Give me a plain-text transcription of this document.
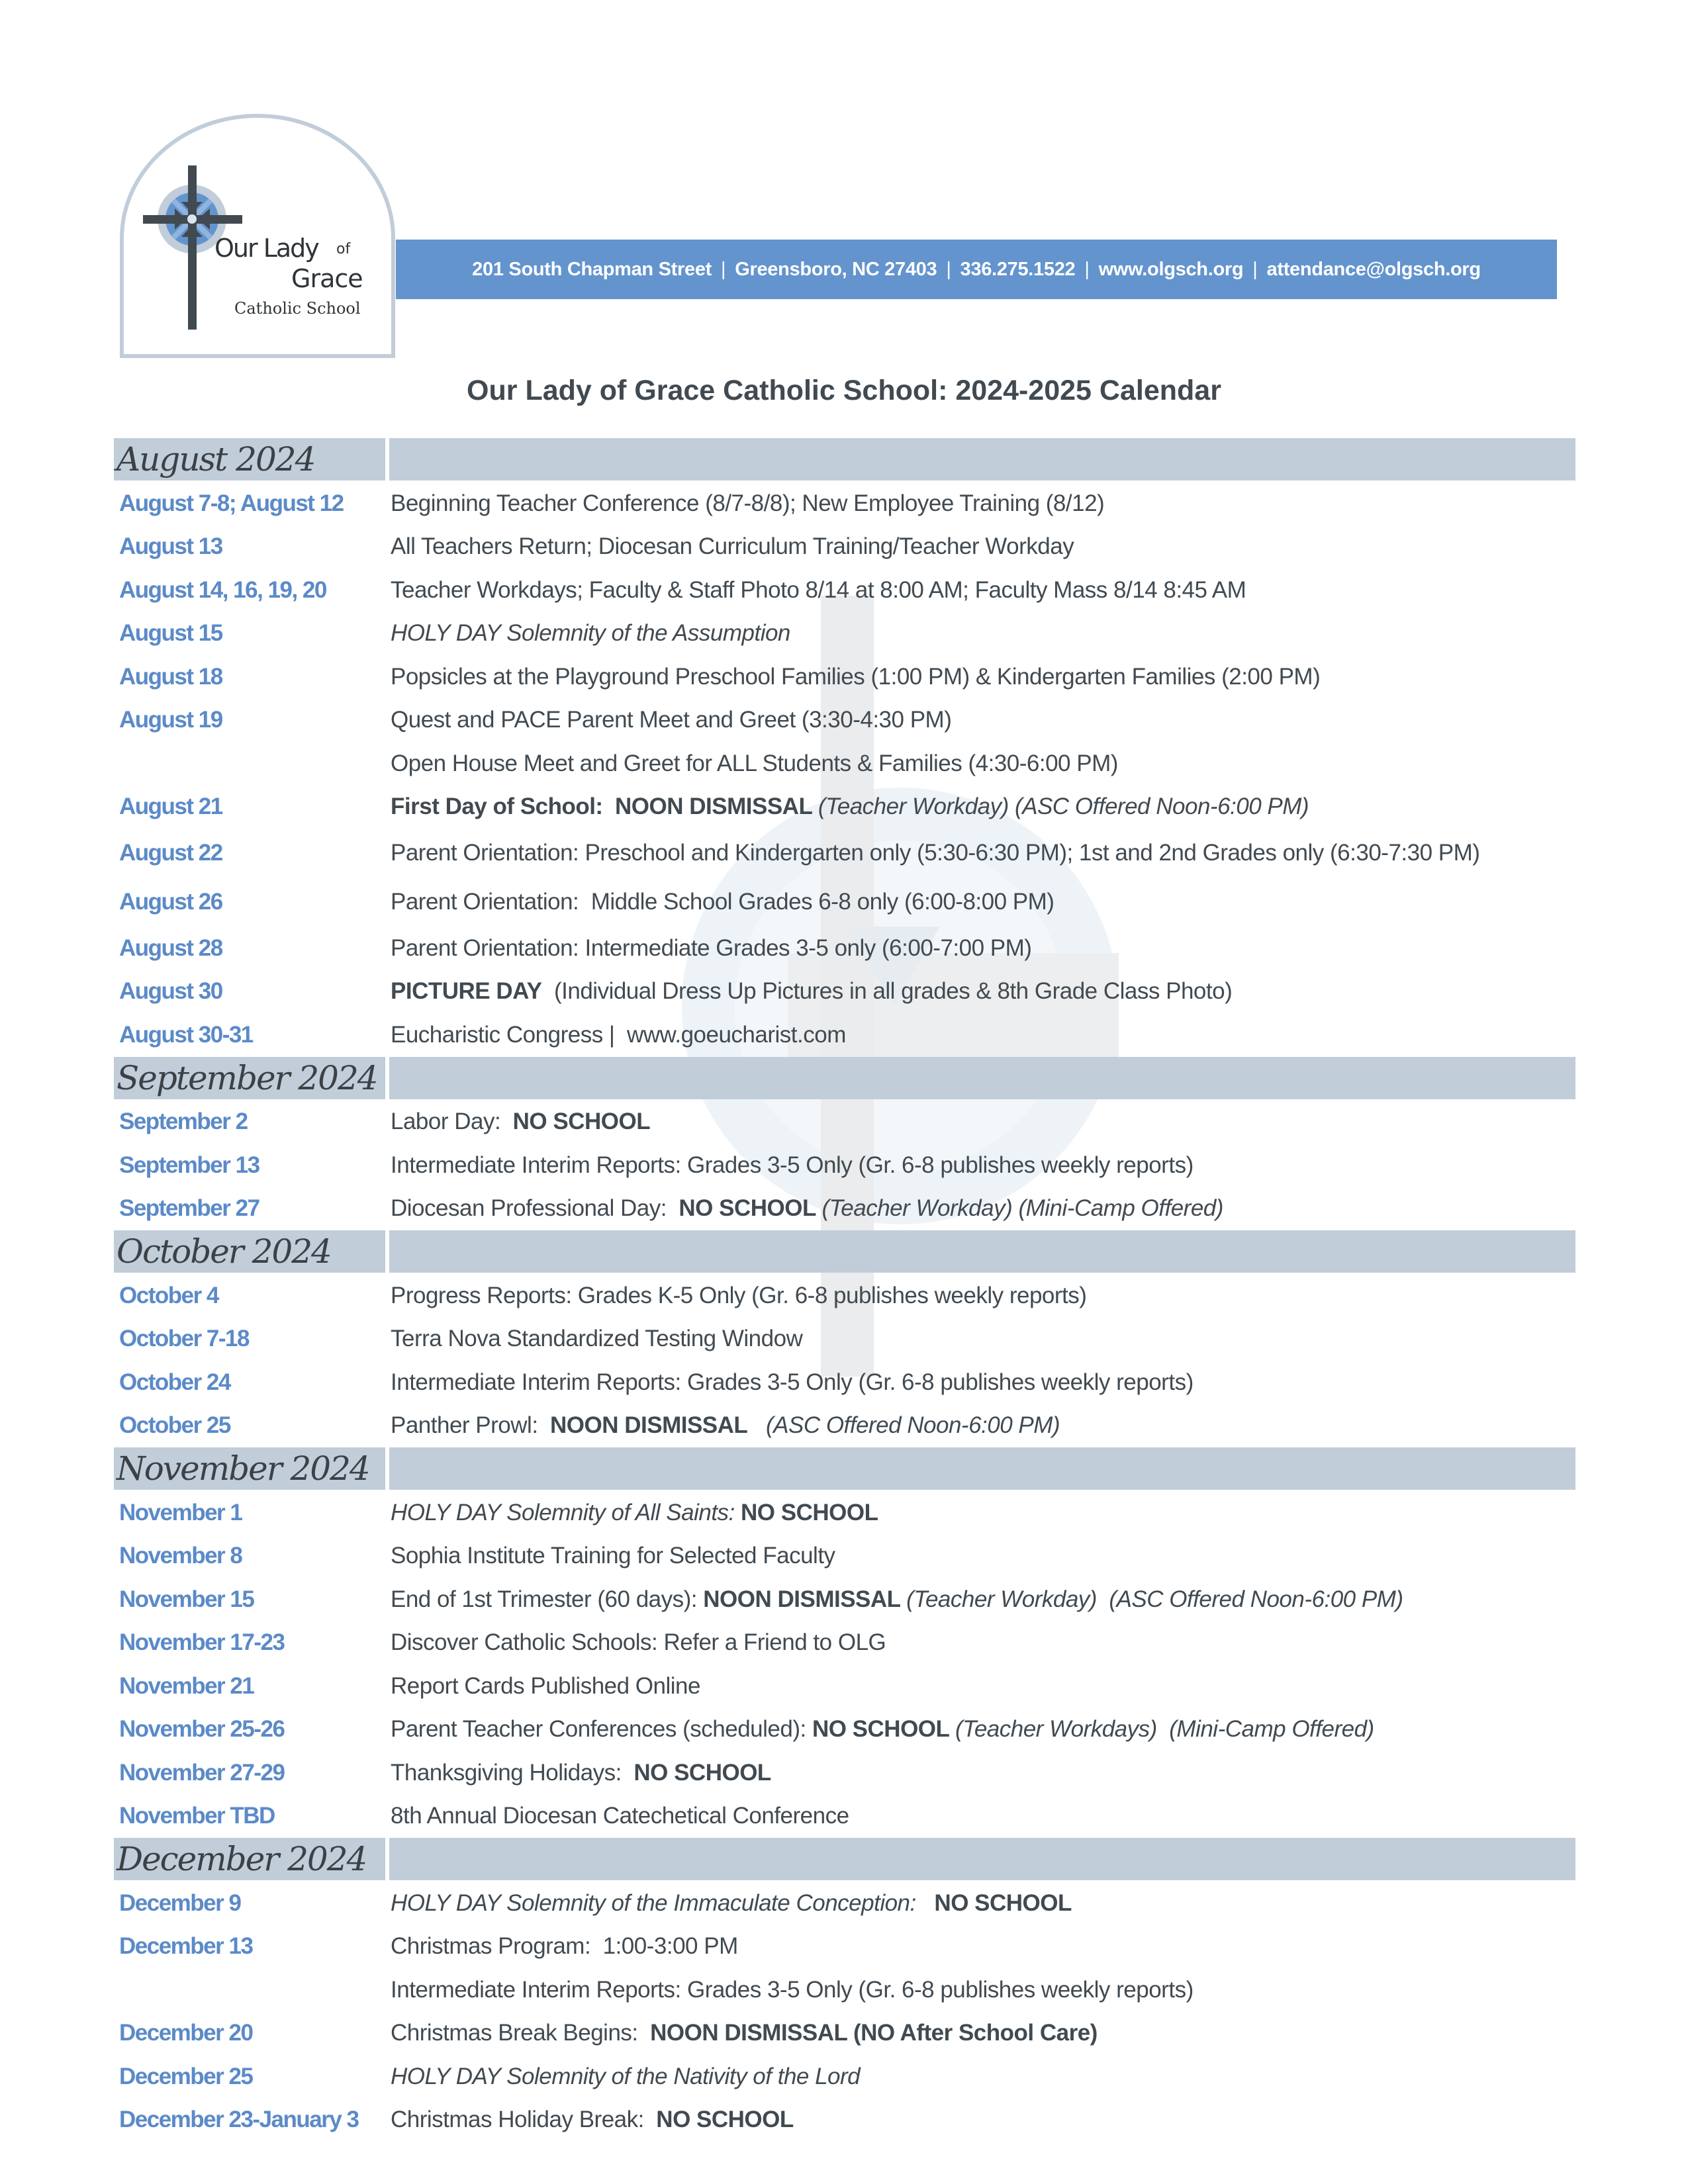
Our Lady of
Grace
Catholic School
201 South Chapman Street | Greensboro, NC 27403 | 336.275.1522 | www.olgsch.org | attendance@olgsch.org
Our Lady of Grace Catholic School: 2024-2025 Calendar
August 2024
August 7-8; August 12	Beginning Teacher Conference (8/7-8/8); New Employee Training (8/12)
August 13	All Teachers Return; Diocesan Curriculum Training/Teacher Workday
August 14, 16, 19, 20	Teacher Workdays; Faculty & Staff Photo 8/14 at 8:00 AM; Faculty Mass 8/14 8:45 AM
August 15	HOLY DAY Solemnity of the Assumption
August 18	Popsicles at the Playground Preschool Families (1:00 PM) & Kindergarten Families (2:00 PM)
August 19	Quest and PACE Parent Meet and Greet (3:30-4:30 PM)
Open House Meet and Greet for ALL Students & Families (4:30-6:00 PM)
August 21	First Day of School:  NOON DISMISSAL (Teacher Workday) (ASC Offered Noon-6:00 PM)
August 22	Parent Orientation: Preschool and Kindergarten only (5:30-6:30 PM); 1st and 2nd Grades only (6:30-7:30 PM)
August 26	Parent Orientation:  Middle School Grades 6-8 only (6:00-8:00 PM)
August 28	Parent Orientation: Intermediate Grades 3-5 only (6:00-7:00 PM)
August 30	PICTURE DAY  (Individual Dress Up Pictures in all grades & 8th Grade Class Photo)
August 30-31	Eucharistic Congress |  www.goeucharist.com
September 2024
September 2	Labor Day:  NO SCHOOL
September 13	Intermediate Interim Reports: Grades 3-5 Only (Gr. 6-8 publishes weekly reports)
September 27	Diocesan Professional Day:  NO SCHOOL (Teacher Workday) (Mini-Camp Offered)
October 2024
October 4	Progress Reports: Grades K-5 Only (Gr. 6-8 publishes weekly reports)
October 7-18	Terra Nova Standardized Testing Window
October 24	Intermediate Interim Reports: Grades 3-5 Only (Gr. 6-8 publishes weekly reports)
October 25	Panther Prowl:  NOON DISMISSAL   (ASC Offered Noon-6:00 PM)
November 2024
November 1	HOLY DAY Solemnity of All Saints: NO SCHOOL
November 8	Sophia Institute Training for Selected Faculty
November 15	End of 1st Trimester (60 days): NOON DISMISSAL (Teacher Workday)  (ASC Offered Noon-6:00 PM)
November 17-23	Discover Catholic Schools: Refer a Friend to OLG
November 21	Report Cards Published Online
November 25-26	Parent Teacher Conferences (scheduled): NO SCHOOL (Teacher Workdays)  (Mini-Camp Offered)
November 27-29	Thanksgiving Holidays:  NO SCHOOL
November TBD	8th Annual Diocesan Catechetical Conference
December 2024
December 9	HOLY DAY Solemnity of the Immaculate Conception:   NO SCHOOL
December 13	Christmas Program:  1:00-3:00 PM
Intermediate Interim Reports: Grades 3-5 Only (Gr. 6-8 publishes weekly reports)
December 20	Christmas Break Begins:  NOON DISMISSAL (NO After School Care)
December 25	HOLY DAY Solemnity of the Nativity of the Lord
December 23-January 3	Christmas Holiday Break:  NO SCHOOL
